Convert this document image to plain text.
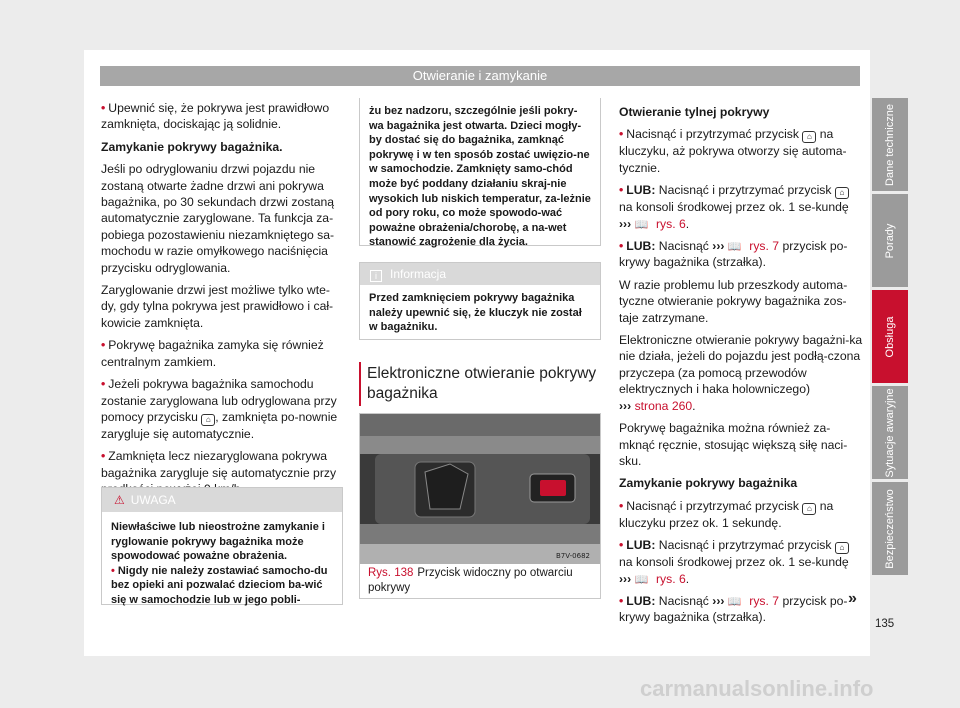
Otwieranie i zamykanie

• Upewnić się, że pokrywa jest prawidłowo zamknięta, dociskając ją solidnie.

Zamykanie pokrywy bagażnika.

Jeśli po odryglowaniu drzwi pojazdu nie zostaną otwarte żadne drzwi ani pokrywa bagażnika, po 30 sekundach drzwi zostaną automatycznie zaryglowane. Ta funkcja za-pobiega pozostawieniu niezamkniętego sa-mochodu w razie omyłkowego naciśnięcia przycisku odryglowania.

Zaryglowanie drzwi jest możliwe tylko wte-dy, gdy tylna pokrywa jest prawidłowo i cał-kowicie zamknięta.

• Pokrywę bagażnika zamyka się również centralnym zamkiem.

• Jeżeli pokrywa bagażnika samochodu zostanie zaryglowana lub odryglowana przy pomocy przycisku ⌂ , zamknięta po-nownie zarygluje się automatycznie.

• Zamknięta lecz niezaryglowana pokrywa bagażnika zarygluje się automatycznie przy

⚠ UWAGA

Niewłaściwe lub nieostrożne zamykanie i ryglowanie pokrywy bagażnika może spowodować poważne obrażenia.

• Nigdy nie należy zostawiać samocho-du bez opieki ani pozwalać dzieciom ba-wić się w samochodzie lub w jego pobli-

żu bez nadzoru, szczególnie jeśli pokry-wa bagażnika jest otwarta. Dzieci mogły-by dostać się do bagażnika, zamknąć pokrywę i w ten sposób zostać uwięzio-ne w samochodzie. Zamknięty samo-chód może być poddany działaniu skraj-nie wysokich lub niskich temperatur, za-leżnie od pory roku, co może spowodo-wać poważne obrażenia/chorobę, a na-wet stanowić zagrożenie dla życia.
i Informacja
Przed zamknięciem pokrywy bagażnika należy upewnić się, że kluczyk nie został w bagażniku.
Elektroniczne otwieranie pokrywy bagażnika
B7V-0682
Rys. 138 Przycisk widoczny po otwarciu pokrywy

Otwieranie tylnej pokrywy

• Nacisnąć i przytrzymać przycisk ⌂ na kluczyku, aż pokrywa otworzy się automa-tycznie.

• LUB: Nacisnąć i przytrzymać przycisk ⌂ na konsoli środkowej przez ok. 1 se-kundę ››› 📖 rys. 6.

• LUB: Nacisnąć ››› 📖 rys. 7 przycisk po-krywy bagażnika (strzałka).

W razie problemu lub przeszkody automa-tyczne otwieranie pokrywy bagażnika zos-taje zatrzymane.

Elektroniczne otwieranie pokrywy bagażni-ka nie działa, jeżeli do pojazdu jest podłą-czona przyczepa (za pomocą przewodów elektrycznych i haka holowniczego)
››› strona 260.

Pokrywę bagażnika można również za-mknąć ręcznie, stosując większą siłę naci-sku.

Zamykanie pokrywy bagażnika

• Nacisnąć i przytrzymać przycisk ⌂ na kluczyku przez ok. 1 sekundę.

• LUB: Nacisnąć i przytrzymać przycisk ⌂ na konsoli środkowej przez ok. 1 se-kundę ››› 📖 rys. 6.

• LUB: Nacisnąć ››› 📖 rys. 7 przycisk po-krywy bagażnika (strzałka).

»
Dane techniczne
Porady
Obsługa
Sytuacje awaryjne
Bezpieczeństwo
135
carmanualsonline.info
